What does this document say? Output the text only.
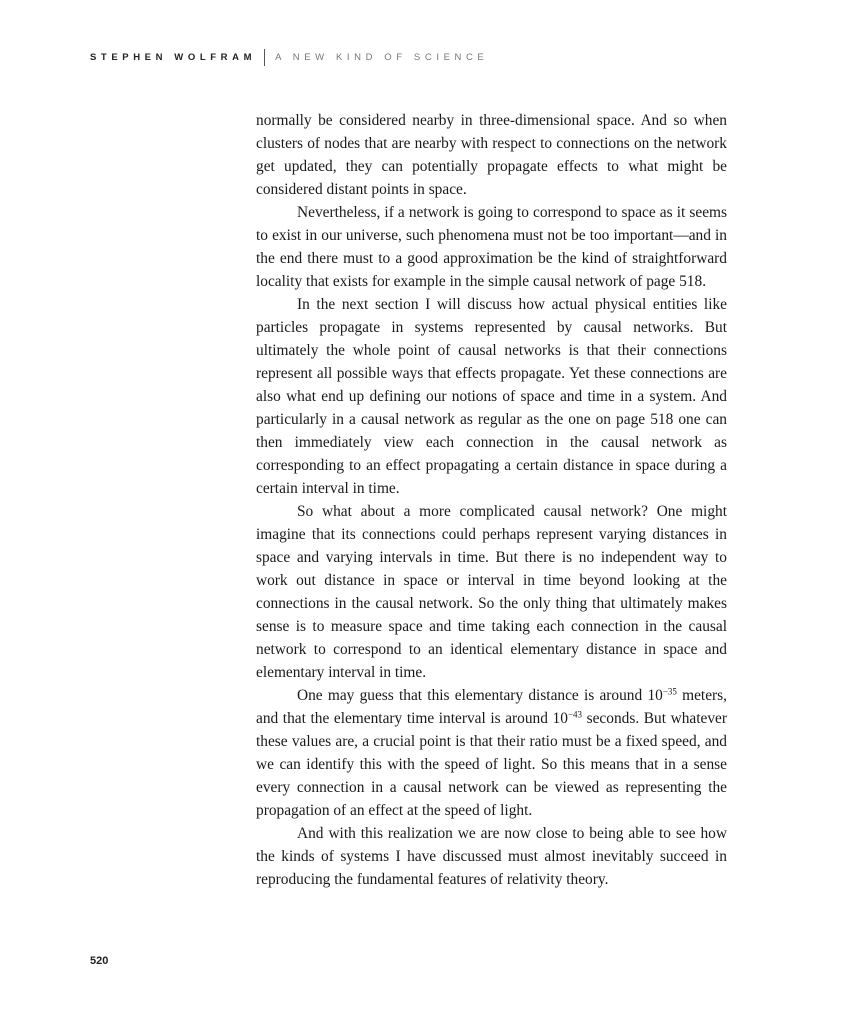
STEPHEN WOLFRAM A NEW KIND OF SCIENCE

normally be considered nearby in three-dimensional space. And so when clusters of nodes that are nearby with respect to connections on the network get updated, they can potentially propagate effects to what might be considered distant points in space.

Nevertheless, if a network is going to correspond to space as it seems to exist in our universe, such phenomena must not be too important—and in the end there must to a good approximation be the kind of straightforward locality that exists for example in the simple causal network of page 518.

In the next section I will discuss how actual physical entities like particles propagate in systems represented by causal networks. But ultimately the whole point of causal networks is that their connections represent all possible ways that effects propagate. Yet these connections are also what end up defining our notions of space and time in a system. And particularly in a causal network as regular as the one on page 518 one can then immediately view each connection in the causal network as corresponding to an effect propagating a certain distance in space during a certain interval in time.

So what about a more complicated causal network? One might imagine that its connections could perhaps represent varying distances in space and varying intervals in time. But there is no independent way to work out distance in space or interval in time beyond looking at the connections in the causal network. So the only thing that ultimately makes sense is to measure space and time taking each connection in the causal network to correspond to an identical elementary distance in space and elementary interval in time.

One may guess that this elementary distance is around $10^{-35}$ meters, and that the elementary time interval is around $10^{-43}$ seconds. But whatever these values are, a crucial point is that their ratio must be a fixed speed, and we can identify this with the speed of light. So this means that in a sense every connection in a causal network can be viewed as representing the propagation of an effect at the speed of light.

And with this realization we are now close to being able to see how the kinds of systems I have discussed must almost inevitably succeed in reproducing the fundamental features of relativity theory.

520
